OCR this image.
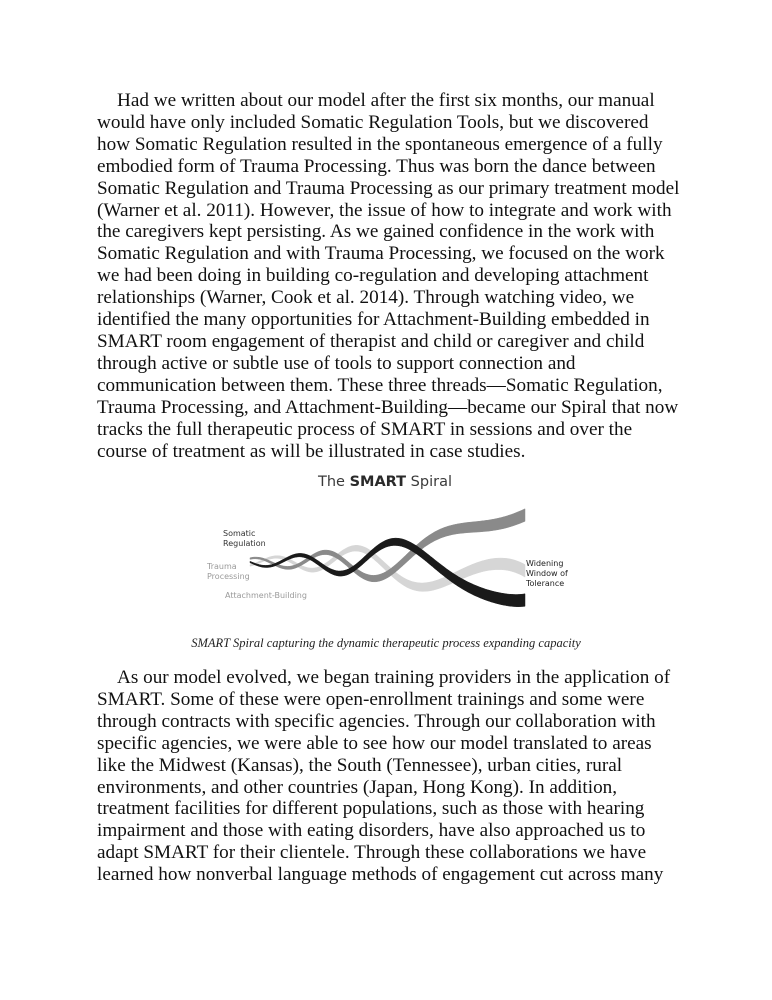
Had we written about our model after the first six months, our manual
would have only included Somatic Regulation Tools, but we discovered
how Somatic Regulation resulted in the spontaneous emergence of a fully
embodied form of Trauma Processing. Thus was born the dance between
Somatic Regulation and Trauma Processing as our primary treatment model
(Warner et al. 2011). However, the issue of how to integrate and work with
the caregivers kept persisting. As we gained confidence in the work with
Somatic Regulation and with Trauma Processing, we focused on the work
we had been doing in building co-regulation and developing attachment
relationships (Warner, Cook et al. 2014). Through watching video, we
identified the many opportunities for Attachment-Building embedded in
SMART room engagement of therapist and child or caregiver and child
through active or subtle use of tools to support connection and
communication between them. These three threads—Somatic Regulation,
Trauma Processing, and Attachment-Building—became our Spiral that now
tracks the full therapeutic process of SMART in sessions and over the
course of treatment as will be illustrated in case studies.

The SMART Spiral
Somatic Regulation
Trauma Processing
Attachment-Building
Widening Window of Tolerance
SMART Spiral capturing the dynamic therapeutic process expanding capacity

As our model evolved, we began training providers in the application of
SMART. Some of these were open-enrollment trainings and some were
through contracts with specific agencies. Through our collaboration with
specific agencies, we were able to see how our model translated to areas
like the Midwest (Kansas), the South (Tennessee), urban cities, rural
environments, and other countries (Japan, Hong Kong). In addition,
treatment facilities for different populations, such as those with hearing
impairment and those with eating disorders, have also approached us to
adapt SMART for their clientele. Through these collaborations we have
learned how nonverbal language methods of engagement cut across many
